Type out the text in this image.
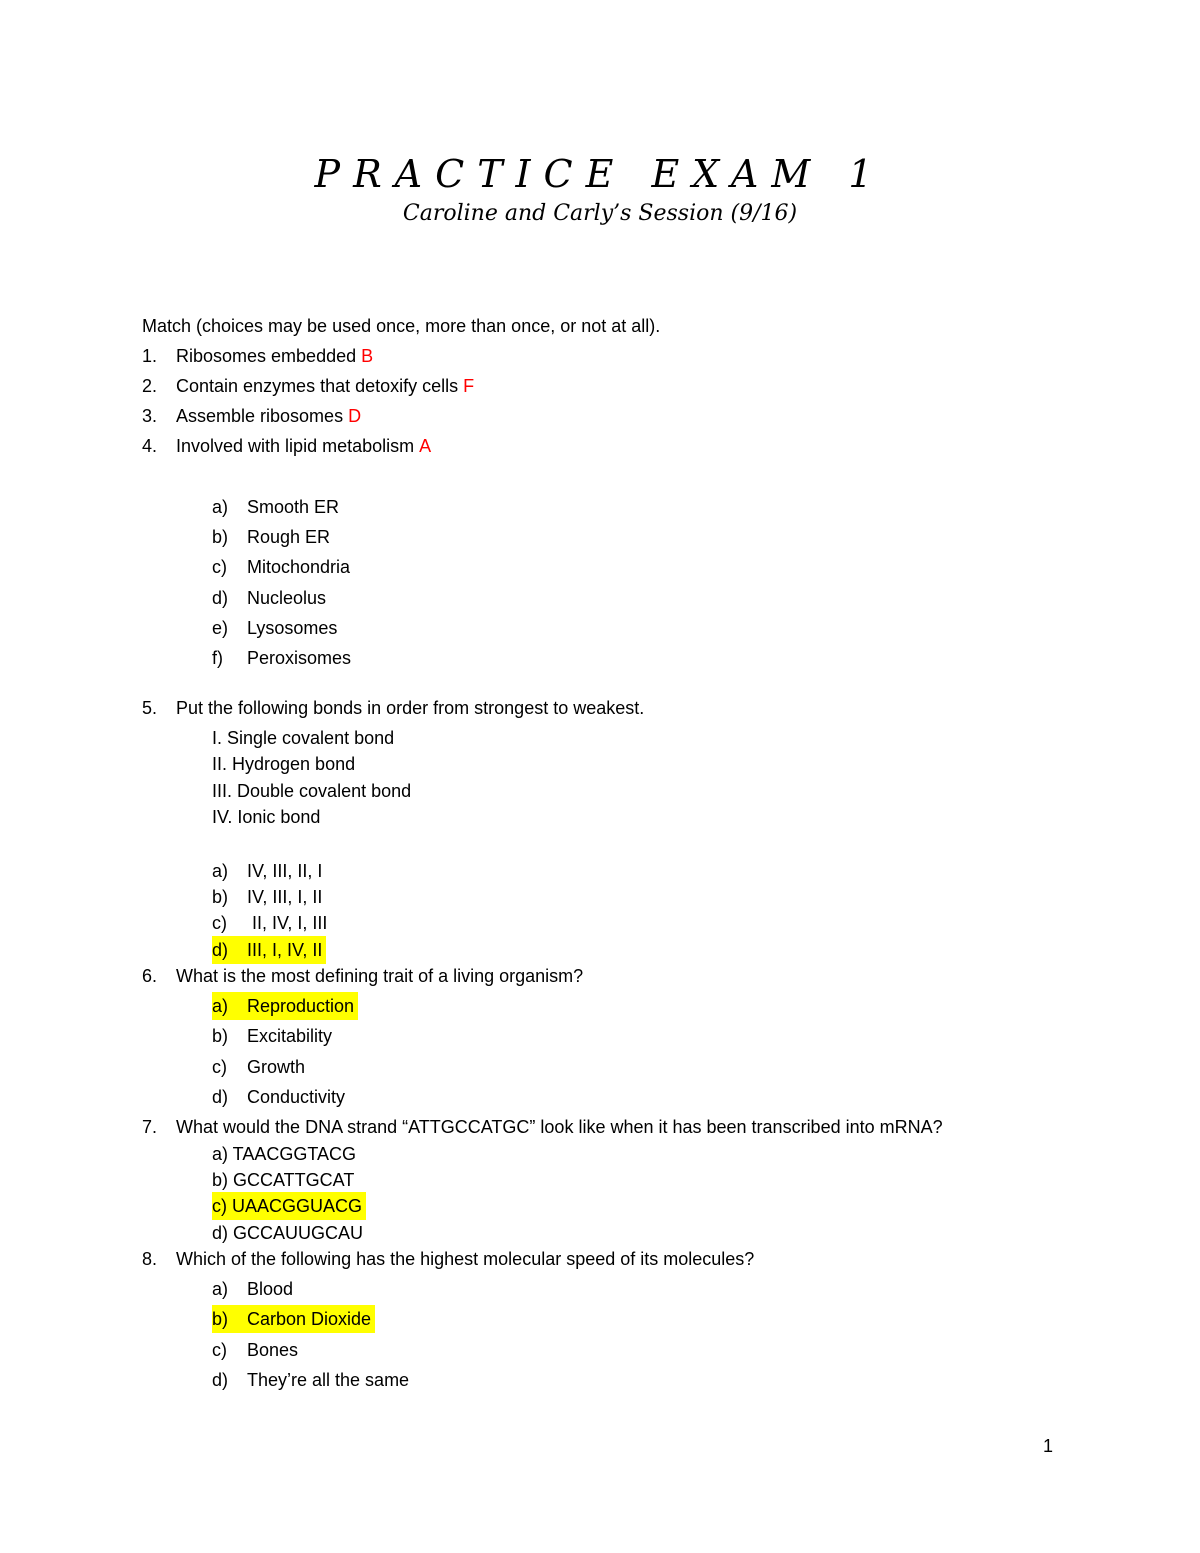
PRACTICE EXAM 1
Caroline and Carly’s Session (9/16)
Match (choices may be used once, more than once, or not at all).
1.	Ribosomes embedded
B
2.	Contain enzymes that detoxify cells
F
3.	Assemble ribosomes
D
4.	Involved with lipid metabolism
A
a)	Smooth ER
b)	Rough ER
c)	Mitochondria
d)	Nucleolus
e)	Lysosomes
f)	Peroxisomes
5.	Put the following bonds in order from strongest to weakest.
I. Single covalent bond
II. Hydrogen bond
III. Double covalent bond
IV. Ionic bond
a)	IV, III, II, I
b)	IV, III, I, II
c)	II, IV, I, III
d)	III, I, IV, II
6.	What is the most defining trait of a living organism?
a)	Reproduction
b)	Excitability
c)	Growth
d)	Conductivity
7.	What would the DNA strand “ATTGCCATGC” look like when it has been transcribed into mRNA?
a) TAACGGTACG
b) GCCATTGCAT
c) UAACGGUACG
d) GCCAUUGCAU
8.	Which of the following has the highest molecular speed of its molecules?
a)	Blood
b)	Carbon Dioxide
c)	Bones
d)	They’re all the same
1
